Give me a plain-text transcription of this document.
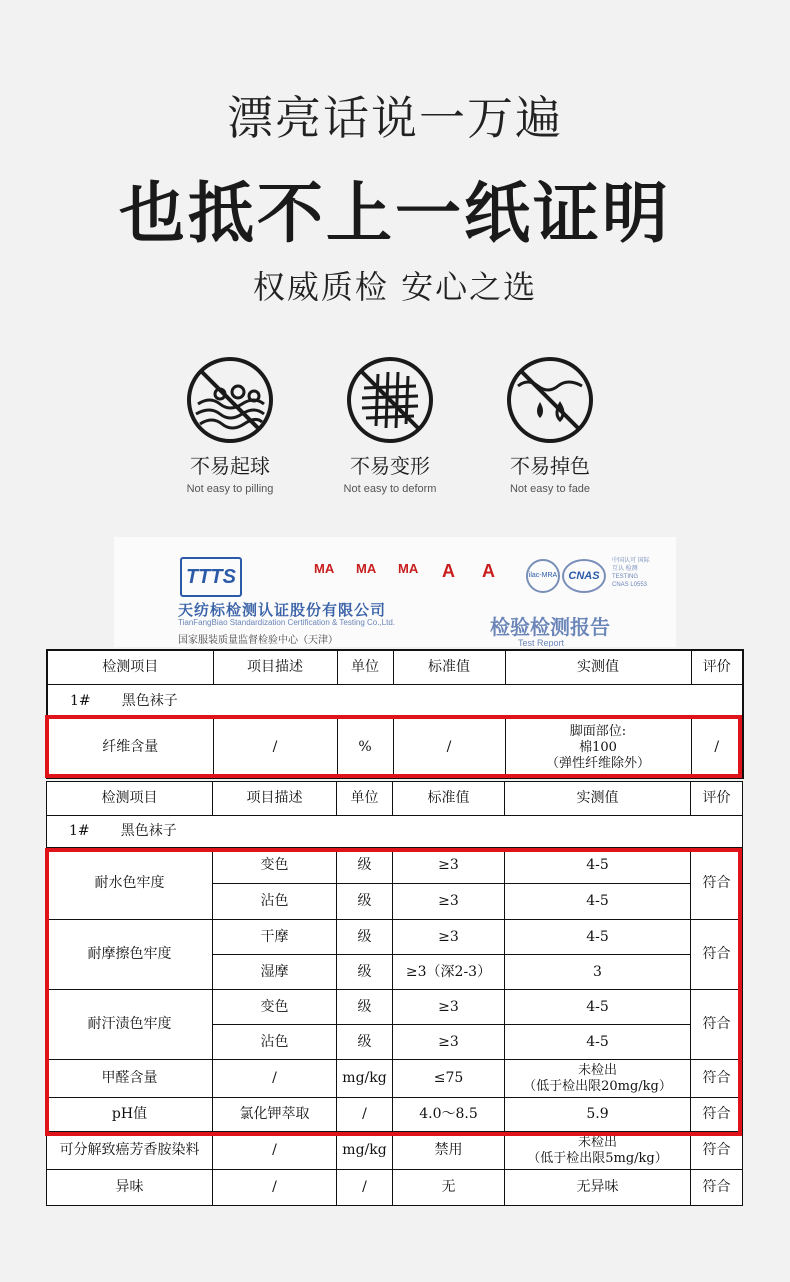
漂亮话说一万遍
也抵不上一纸证明
权威质检 安心之选
不易起球
Not easy to pilling
不易变形
Not easy to deform
不易掉色
Not easy to fade
TTTS	MA MA MA A A	ilac-MRA	CNAS
中国认可 国际互认 检测 TESTING CNAS L0553
天纺标检测认证股份有限公司
TianFangBiao Standardization Certification & Testing Co.,Ltd.
国家服装质量监督检验中心（天津）
检验检测报告
Test Report
检测项目	项目描述	单位	标准值	实测值	评价
1# 黑色袜子					
纤维含量	/	%	/	脚面部位:
棉100
（弹性纤维除外）	/
检测项目	项目描述	单位	标准值	实测值	评价
1# 黑色袜子					
耐水色牢度	变色	级	≥3	4-5	符合
	沾色	级	≥3	4-5	
耐摩擦色牢度	干摩	级	≥3	4-5	符合
	湿摩	级	≥3（深2-3）	3	
耐汗渍色牢度	变色	级	≥3	4-5	符合
	沾色	级	≥3	4-5	
甲醛含量	/	mg/kg	≤75	未检出
（低于检出限20mg/kg）	符合
pH值	氯化钾萃取	/	4.0～8.5	5.9	符合
可分解致癌芳香胺染料	/	mg/kg	禁用	未检出
（低于检出限5mg/kg）	符合
异味	/	/	无	无异味	符合
